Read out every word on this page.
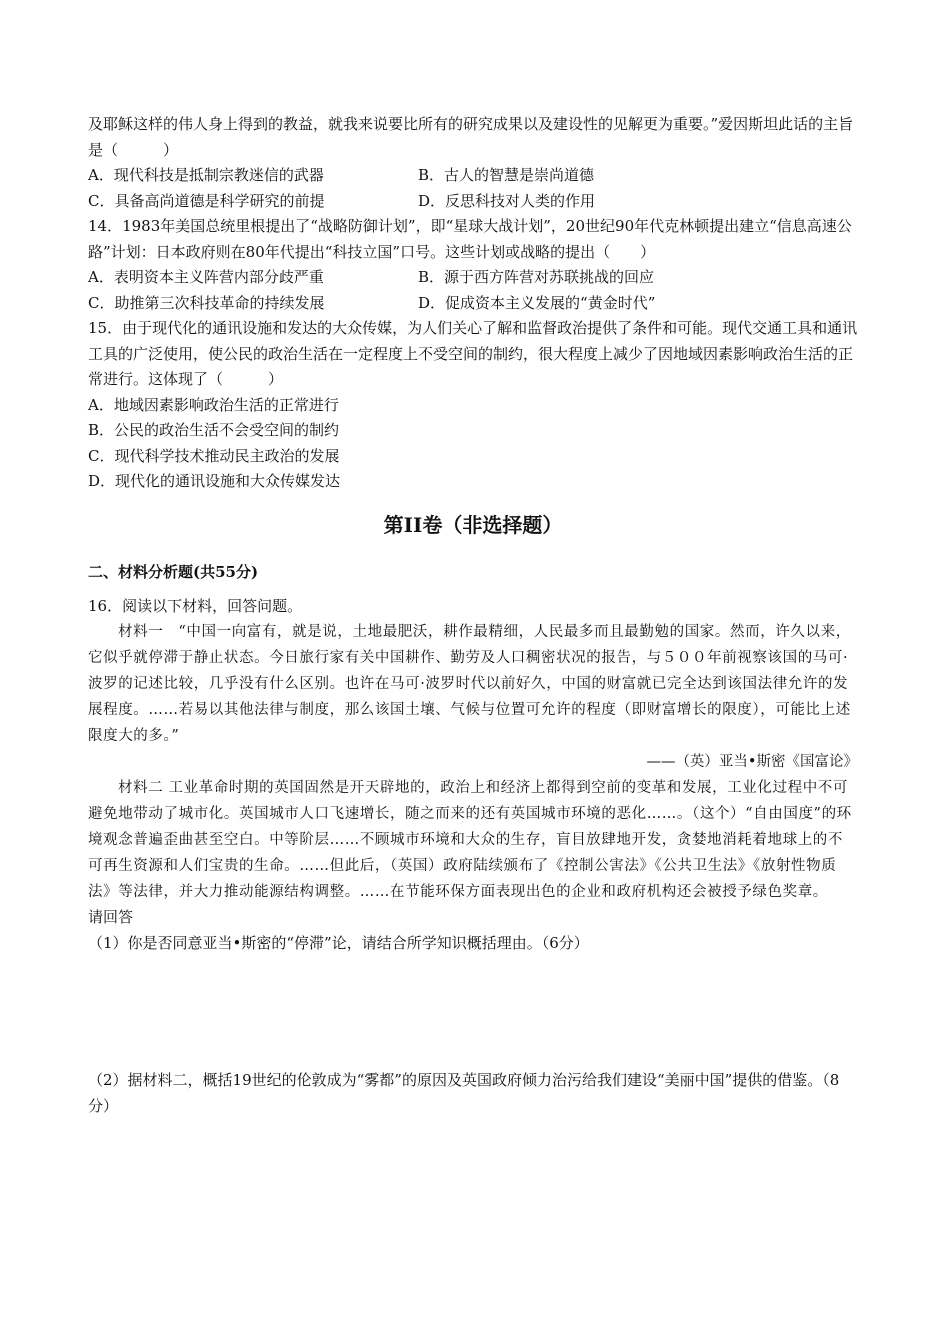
及耶稣这样的伟人身上得到的教益，就我来说要比所有的研究成果以及建设性的见解更为重要。”爱因斯坦此话的主旨是（　　　）
A．现代科技是抵制宗教迷信的武器	B．古人的智慧是崇尚道德
C．具备高尚道德是科学研究的前提	D．反思科技对人类的作用
14．1983年美国总统里根提出了“战略防御计划”，即“星球大战计划”，20世纪90年代克林顿提出建立“信息高速公路”计划：日本政府则在80年代提出“科技立国”口号。这些计划或战略的提出（　　）
A．表明资本主义阵营内部分歧严重	B．源于西方阵营对苏联挑战的回应
C．助推第三次科技革命的持续发展	D．促成资本主义发展的“黄金时代”
15．由于现代化的通讯设施和发达的大众传媒，为人们关心了解和监督政治提供了条件和可能。现代交通工具和通讯工具的广泛使用，使公民的政治生活在一定程度上不受空间的制约，很大程度上减少了因地域因素影响政治生活的正常进行。这体现了（　　　）
A．地域因素影响政治生活的正常进行
B．公民的政治生活不会受空间的制约
C．现代科学技术推动民主政治的发展
D．现代化的通讯设施和大众传媒发达
第II卷（非选择题）
二、材料分析题(共55分)
16．阅读以下材料，回答问题。
材料一　“中国一向富有，就是说，土地最肥沃，耕作最精细，人民最多而且最勤勉的国家。然而，许久以来，它似乎就停滞于静止状态。今日旅行家有关中国耕作、勤劳及人口稠密状况的报告，与５００年前视察该国的马可·波罗的记述比较，几乎没有什么区别。也许在马可·波罗时代以前好久，中国的财富就已完全达到该国法律允许的发展程度。……若易以其他法律与制度，那么该国土壤、气候与位置可允许的程度（即财富增长的限度），可能比上述限度大的多。”
——（英）亚当•斯密《国富论》
材料二 工业革命时期的英国固然是开天辟地的，政治上和经济上都得到空前的变革和发展，工业化过程中不可避免地带动了城市化。英国城市人口飞速增长，随之而来的还有英国城市环境的恶化……。（这个）“自由国度”的环境观念普遍歪曲甚至空白。中等阶层……不顾城市环境和大众的生存，盲目放肆地开发，贪婪地消耗着地球上的不可再生资源和人们宝贵的生命。……但此后，（英国）政府陆续颁布了《控制公害法》《公共卫生法》《放射性物质法》等法律，并大力推动能源结构调整。……在节能环保方面表现出色的企业和政府机构还会被授予绿色奖章。
请回答
（1）你是否同意亚当•斯密的“停滞”论，请结合所学知识概括理由。（6分）
（2）据材料二，概括19世纪的伦敦成为“雾都”的原因及英国政府倾力治污给我们建设“美丽中国”提供的借鉴。（8分）
